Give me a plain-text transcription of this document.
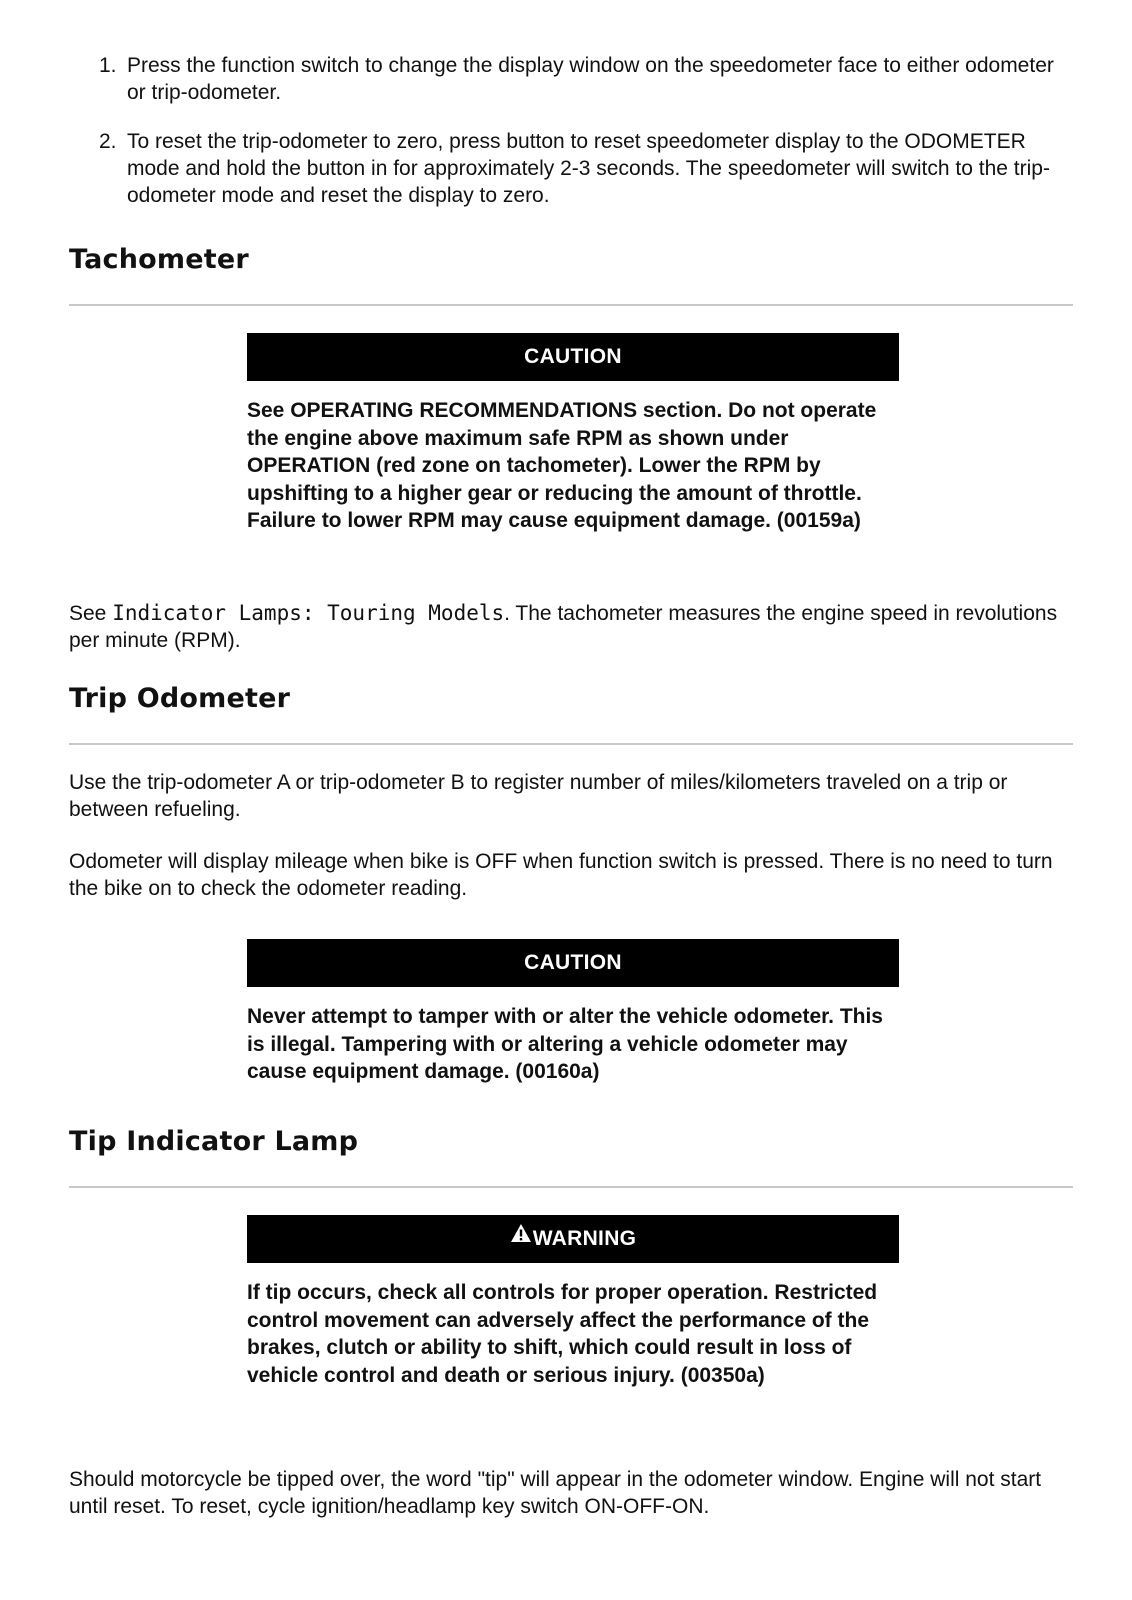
1. Press the function switch to change the display window on the speedometer face to either odometer or trip-odometer.
2. To reset the trip-odometer to zero, press button to reset speedometer display to the ODOMETER mode and hold the button in for approximately 2-3 seconds. The speedometer will switch to the trip-odometer mode and reset the display to zero.
Tachometer
CAUTION
See OPERATING RECOMMENDATIONS section. Do not operate the engine above maximum safe RPM as shown under OPERATION (red zone on tachometer). Lower the RPM by upshifting to a higher gear or reducing the amount of throttle. Failure to lower RPM may cause equipment damage. (00159a)

See Indicator Lamps: Touring Models. The tachometer measures the engine speed in revolutions per minute (RPM).

Trip Odometer

Use the trip-odometer A or trip-odometer B to register number of miles/kilometers traveled on a trip or between refueling.

Odometer will display mileage when bike is OFF when function switch is pressed. There is no need to turn the bike on to check the odometer reading.

CAUTION
Never attempt to tamper with or alter the vehicle odometer. This is illegal. Tampering with or altering a vehicle odometer may cause equipment damage. (00160a)
Tip Indicator Lamp
WARNING
If tip occurs, check all controls for proper operation. Restricted control movement can adversely affect the performance of the brakes, clutch or ability to shift, which could result in loss of vehicle control and death or serious injury. (00350a)

Should motorcycle be tipped over, the word "tip" will appear in the odometer window. Engine will not start until reset. To reset, cycle ignition/headlamp key switch ON-OFF-ON.
